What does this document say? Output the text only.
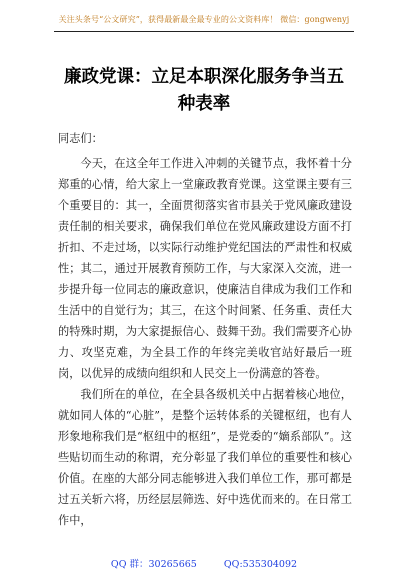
关注头条号“公文研究”，获得最新最全最专业的公文资料库！ 微信：gongwenyj
廉政党课：立足本职深化服务争当五种表率

同志们：

今天，在这全年工作进入冲刺的关键节点，我怀着十分郑重的心情，给大家上一堂廉政教育党课。这堂课主要有三个重要目的：其一，全面贯彻落实省市县关于党风廉政建设责任制的相关要求，确保我们单位在党风廉政建设方面不打折扣、不走过场，以实际行动维护党纪国法的严肃性和权威性；其二，通过开展教育预防工作，与大家深入交流，进一步提升每一位同志的廉政意识，使廉洁自律成为我们工作和生活中的自觉行为；其三，在这个时间紧、任务重、责任大的特殊时期，为大家提振信心、鼓舞干劲。我们需要齐心协力、攻坚克难，为全县工作的年终完美收官站好最后一班岗，以优异的成绩向组织和人民交上一份满意的答卷。

我们所在的单位，在全县各级机关中占据着核心地位，就如同人体的“心脏”，是整个运转体系的关键枢纽，也有人形象地称我们是“枢纽中的枢纽”，是党委的“嫡系部队”。这些贴切而生动的称谓，充分彰显了我们单位的重要性和核心价值。在座的大部分同志能够进入我们单位工作，那可都是过五关斩六将，历经层层筛选、好中选优而来的。在日常工作中，

QQ 群：30265665	QQ:535304092
